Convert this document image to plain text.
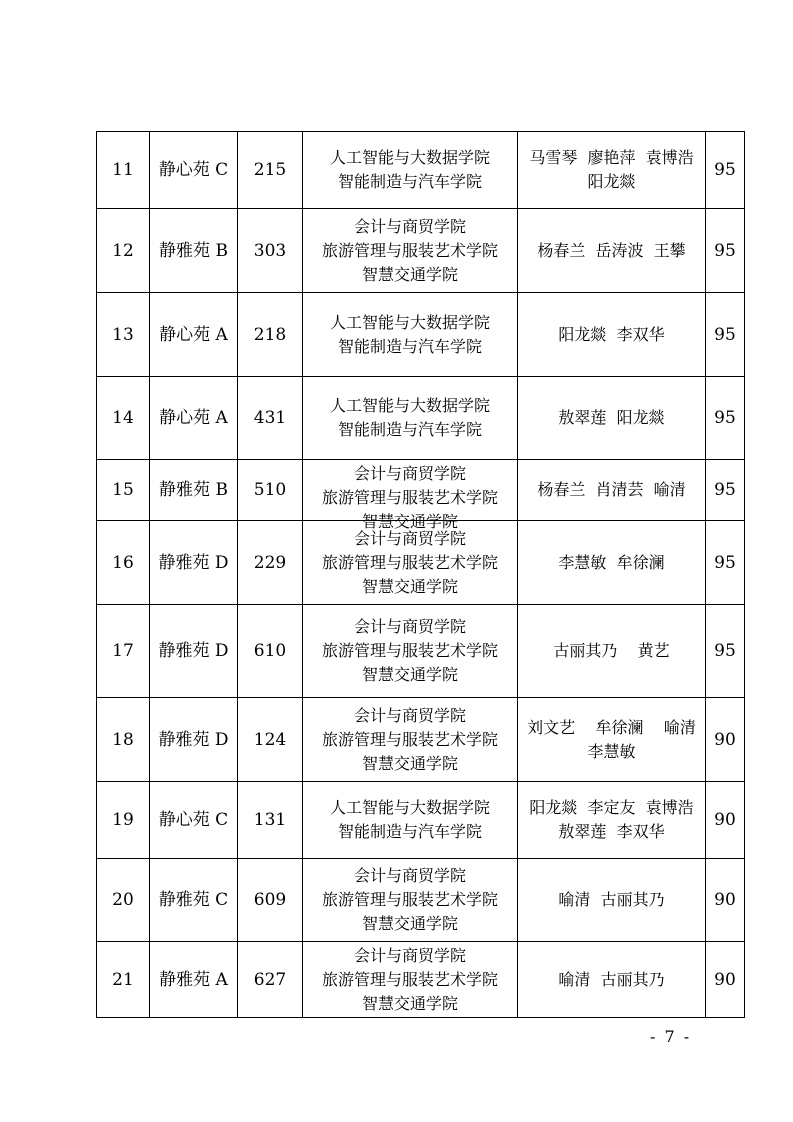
11	静心苑 C	215	人工智能与大数据学院
智能制造与汽车学院	马雪琴  廖艳萍  袁博浩
阳龙燚	95
12	静雅苑 B	303	会计与商贸学院
旅游管理与服装艺术学院
智慧交通学院	杨春兰  岳涛波  王攀	95
13	静心苑 A	218	人工智能与大数据学院
智能制造与汽车学院	阳龙燚  李双华	95
14	静心苑 A	431	人工智能与大数据学院
智能制造与汽车学院	敖翠莲  阳龙燚	95
15	静雅苑 B	510	会计与商贸学院
旅游管理与服装艺术学院
智慧交通学院	杨春兰  肖清芸  喻清	95
16	静雅苑 D	229	会计与商贸学院
旅游管理与服装艺术学院
智慧交通学院	李慧敏  牟徐澜	95
17	静雅苑 D	610	会计与商贸学院
旅游管理与服装艺术学院
智慧交通学院	古丽其乃    黄艺	95
18	静雅苑 D	124	会计与商贸学院
旅游管理与服装艺术学院
智慧交通学院	刘文艺    牟徐澜    喻清
李慧敏	90
19	静心苑 C	131	人工智能与大数据学院
智能制造与汽车学院	阳龙燚  李定友  袁博浩
敖翠莲  李双华	90
20	静雅苑 C	609	会计与商贸学院
旅游管理与服装艺术学院
智慧交通学院	喻清  古丽其乃	90
21	静雅苑 A	627	会计与商贸学院
旅游管理与服装艺术学院
智慧交通学院	喻清  古丽其乃	90
- 7 -
